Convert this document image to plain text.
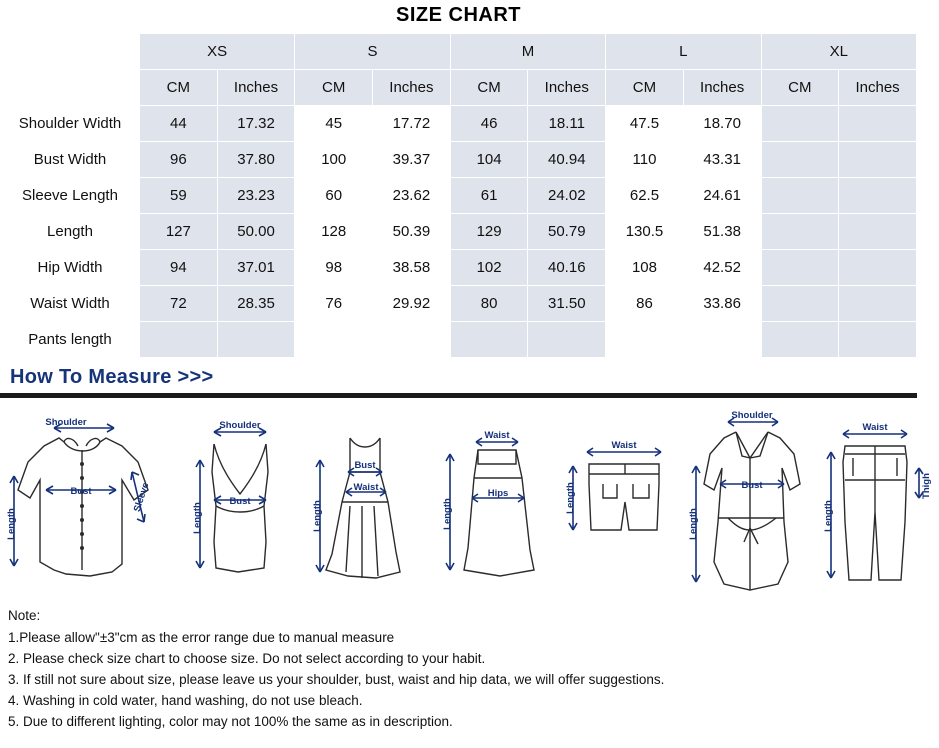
SIZE CHART
	XS		S		M		L		XL	
	CM	Inches	CM	Inches	CM	Inches	CM	Inches	CM	Inches
Shoulder Width	44	17.32	45	17.72	46	18.11	47.5	18.70		
Bust Width	96	37.80	100	39.37	104	40.94	110	43.31		
Sleeve Length	59	23.23	60	23.62	61	24.02	62.5	24.61		
Length	127	50.00	128	50.39	129	50.79	130.5	51.38		
Hip Width	94	37.01	98	38.58	102	40.16	108	42.52		
Waist Width	72	28.35	76	29.92	80	31.50	86	33.86		
Pants length										
How To Measure >>>
Shoulder
Bust
Length
Sleeve
Shoulder
Bust
Length
Bust
Waist
Length
Waist
Hips
Length
Waist
Length
Shoulder
Bust
Length
Waist
Thigh
Length
Note:
1.Please allow"±3"cm as the error range due to manual measure
2. Please check size chart to choose size. Do not select according to your habit.
3. If still not sure about size, please leave us your shoulder, bust, waist and hip data, we will offer suggestions.
4. Washing in cold water, hand washing, do not use bleach.
5. Due to different lighting, color may not 100% the same as in description.
